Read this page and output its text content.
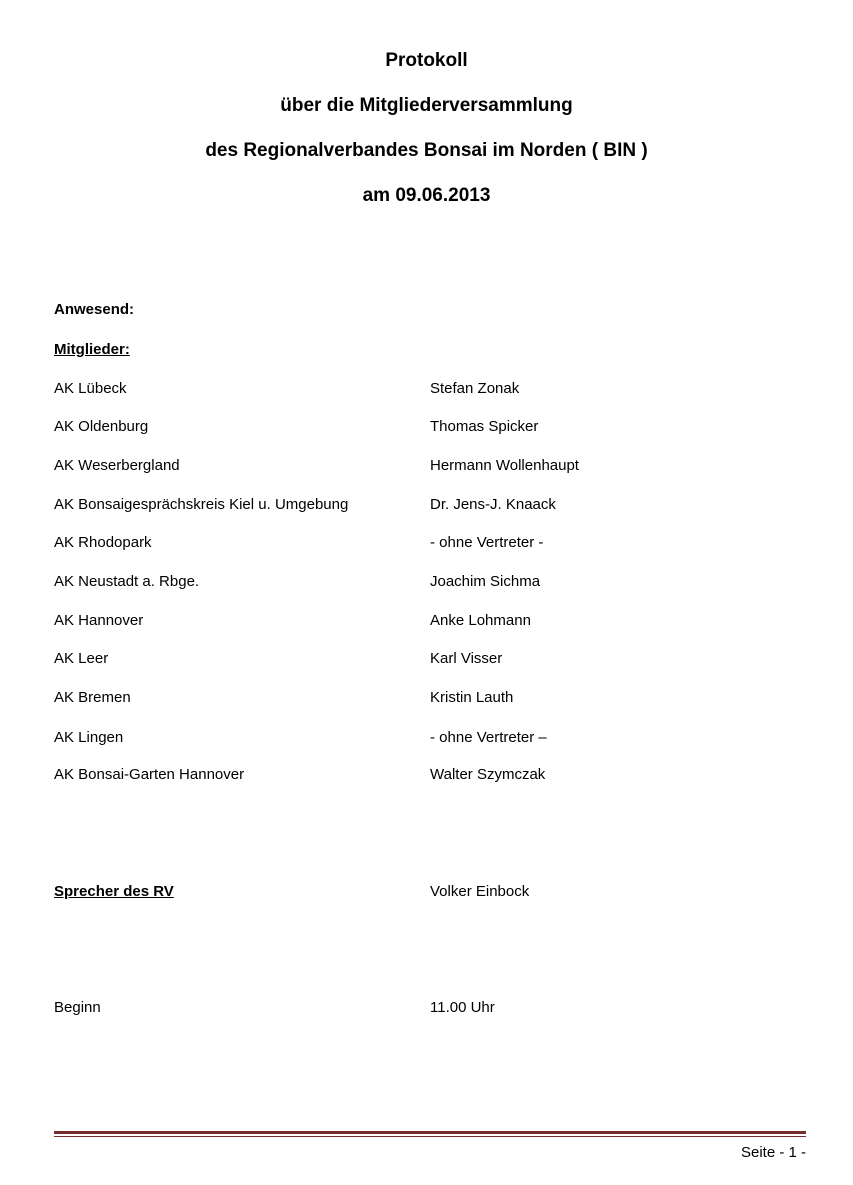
Protokoll
über die Mitgliederversammlung
des Regionalverbandes Bonsai im Norden ( BIN )
am 09.06.2013
Anwesend:
Mitglieder:
AK Lübeck	Stefan Zonak
AK Oldenburg	Thomas Spicker
AK Weserbergland	Hermann Wollenhaupt
AK Bonsaigesprächskreis Kiel u. Umgebung	Dr. Jens-J. Knaack
AK Rhodopark	- ohne Vertreter -
AK Neustadt a. Rbge.	Joachim Sichma
AK Hannover	Anke Lohmann
AK Leer	Karl Visser
AK Bremen	Kristin Lauth
AK Lingen	- ohne Vertreter –
AK Bonsai-Garten Hannover	Walter Szymczak
Sprecher des RV	Volker Einbock
Beginn	11.00 Uhr
Seite - 1 -
